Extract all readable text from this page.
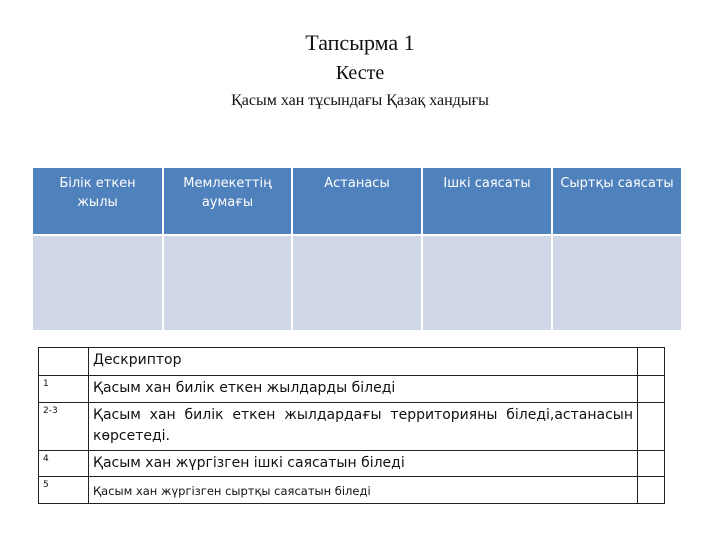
Тапсырма 1
Кесте
Қасым хан тұсындағы Қазақ хандығы
Білік еткен жылы	Мемлекеттің аумағы	Астанасы	Ішкі саясаты	Сыртқы саясаты

	Дескриптор	
1	Қасым хан билік еткен жылдарды біледі	
2-3	Қасым хан билік еткен жылдардағы территорияны біледі,астанасын көрсетеді.	
4	Қасым хан жүргізген ішкі саясатын біледі	
5	Қасым хан жүргізген сыртқы саясатын біледі	
